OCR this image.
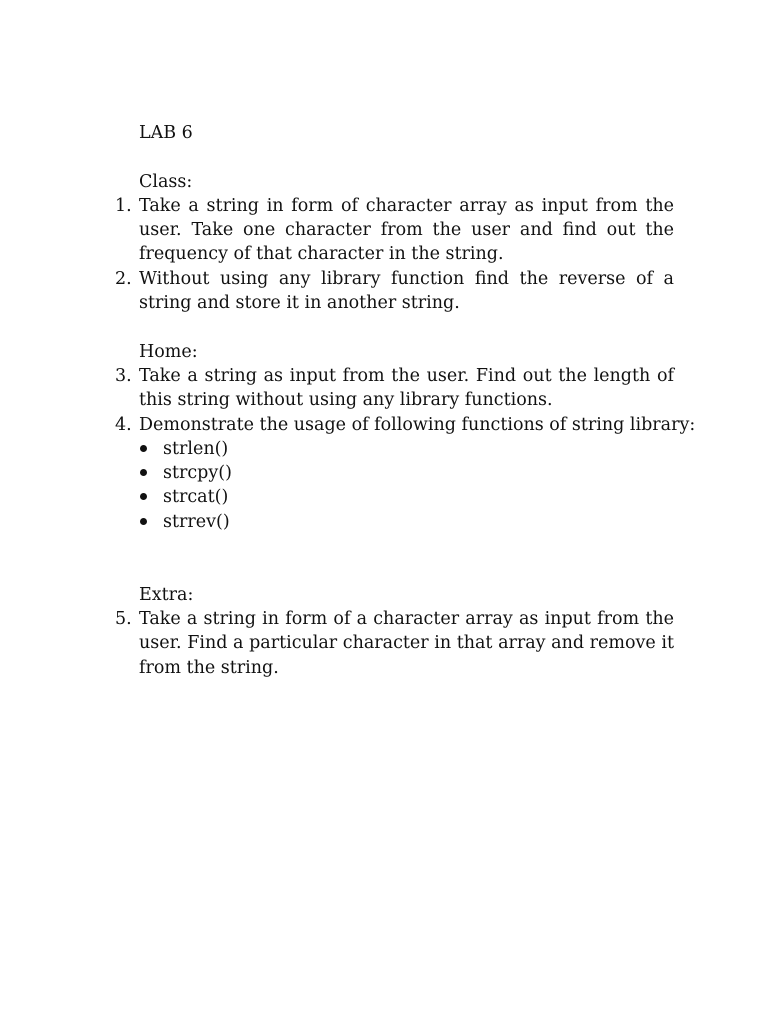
LAB 6

Class:

1. Take a string in form of character array as input from the user. Take one character from the user and find out the frequency of that character in the string.
2. Without using any library function find the reverse of a string and store it in another string.

Home:

3. Take a string as input from the user. Find out the length of this string without using any library functions.
4. Demonstrate the usage of following functions of string library:
strlen()
strcpy()
strcat()
strrev()

Extra:

5. Take a string in form of a character array as input from the user. Find a particular character in that array and remove it from the string.
